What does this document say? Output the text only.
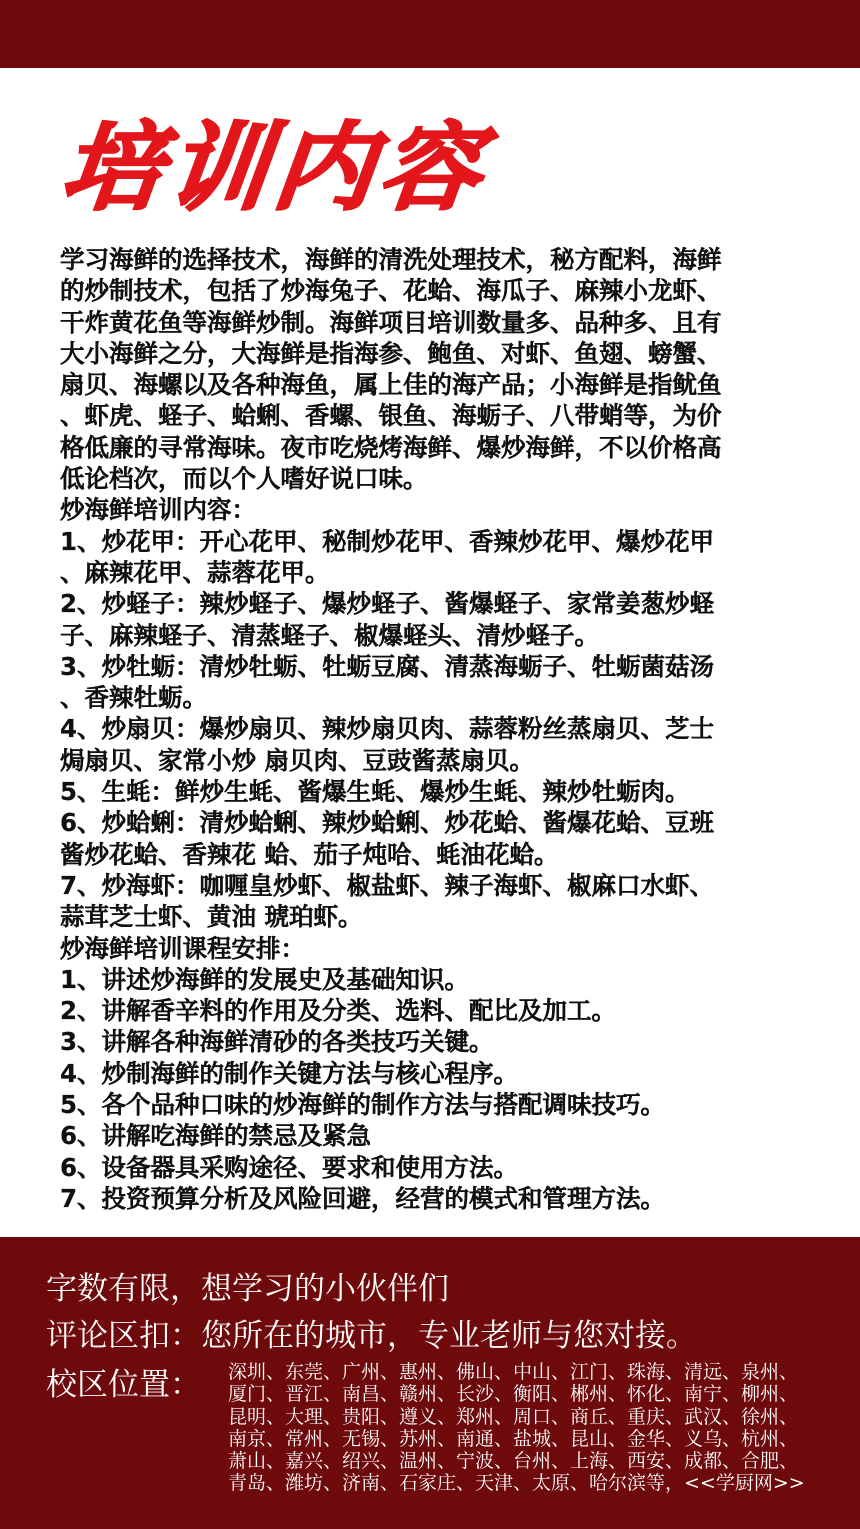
培训内容
学习海鲜的选择技术，海鲜的清洗处理技术，秘方配料，海鲜
的炒制技术，包括了炒海兔子、花蛤、海瓜子、麻辣小龙虾、
干炸黄花鱼等海鲜炒制。海鲜项目培训数量多、品种多、且有
大小海鲜之分，大海鲜是指海参、鲍鱼、对虾、鱼翅、螃蟹、
扇贝、海螺以及各种海鱼，属上佳的海产品；小海鲜是指鱿鱼
、虾虎、蛏子、蛤蜊、香螺、银鱼、海蛎子、八带蛸等，为价
格低廉的寻常海味。夜市吃烧烤海鲜、爆炒海鲜，不以价格高
低论档次，而以个人嗜好说口味。
炒海鲜培训内容：
1、炒花甲：开心花甲、秘制炒花甲、香辣炒花甲、爆炒花甲
、麻辣花甲、蒜蓉花甲。
2、炒蛏子：辣炒蛏子、爆炒蛏子、酱爆蛏子、家常姜葱炒蛏
子、麻辣蛏子、清蒸蛏子、椒爆蛏头、清炒蛏子。
3、炒牡蛎：清炒牡蛎、牡蛎豆腐、清蒸海蛎子、牡蛎菌菇汤
、香辣牡蛎。
4、炒扇贝：爆炒扇贝、辣炒扇贝肉、蒜蓉粉丝蒸扇贝、芝士
焗扇贝、家常小炒 扇贝肉、豆豉酱蒸扇贝。
5、生蚝：鲜炒生蚝、酱爆生蚝、爆炒生蚝、辣炒牡蛎肉。
6、炒蛤蜊：清炒蛤蜊、辣炒蛤蜊、炒花蛤、酱爆花蛤、豆班
酱炒花蛤、香辣花 蛤、茄子炖哈、蚝油花蛤。
7、炒海虾：咖喱皇炒虾、椒盐虾、辣子海虾、椒麻口水虾、
蒜茸芝士虾、黄油 琥珀虾。
炒海鲜培训课程安排：
1、讲述炒海鲜的发展史及基础知识。
2、讲解香辛料的作用及分类、选料、配比及加工。
3、讲解各种海鲜清砂的各类技巧关键。
4、炒制海鲜的制作关键方法与核心程序。
5、各个品种口味的炒海鲜的制作方法与搭配调味技巧。
6、讲解吃海鲜的禁忌及紧急
6、设备器具采购途径、要求和使用方法。
7、投资预算分析及风险回避，经营的模式和管理方法。
字数有限，想学习的小伙伴们
评论区扣：您所在的城市，专业老师与您对接。
校区位置： 深圳、东莞、广州、惠州、佛山、中山、江门、珠海、清远、泉州、
厦门、晋江、南昌、赣州、长沙、衡阳、郴州、怀化、南宁、柳州、
昆明、大理、贵阳、遵义、郑州、周口、商丘、重庆、武汉、徐州、
南京、常州、无锡、苏州、南通、盐城、昆山、金华、义乌、杭州、
萧山、嘉兴、绍兴、温州、宁波、台州、上海、西安、成都、合肥、
青岛、潍坊、济南、石家庄、天津、太原、哈尔滨等，<<学厨网>>
